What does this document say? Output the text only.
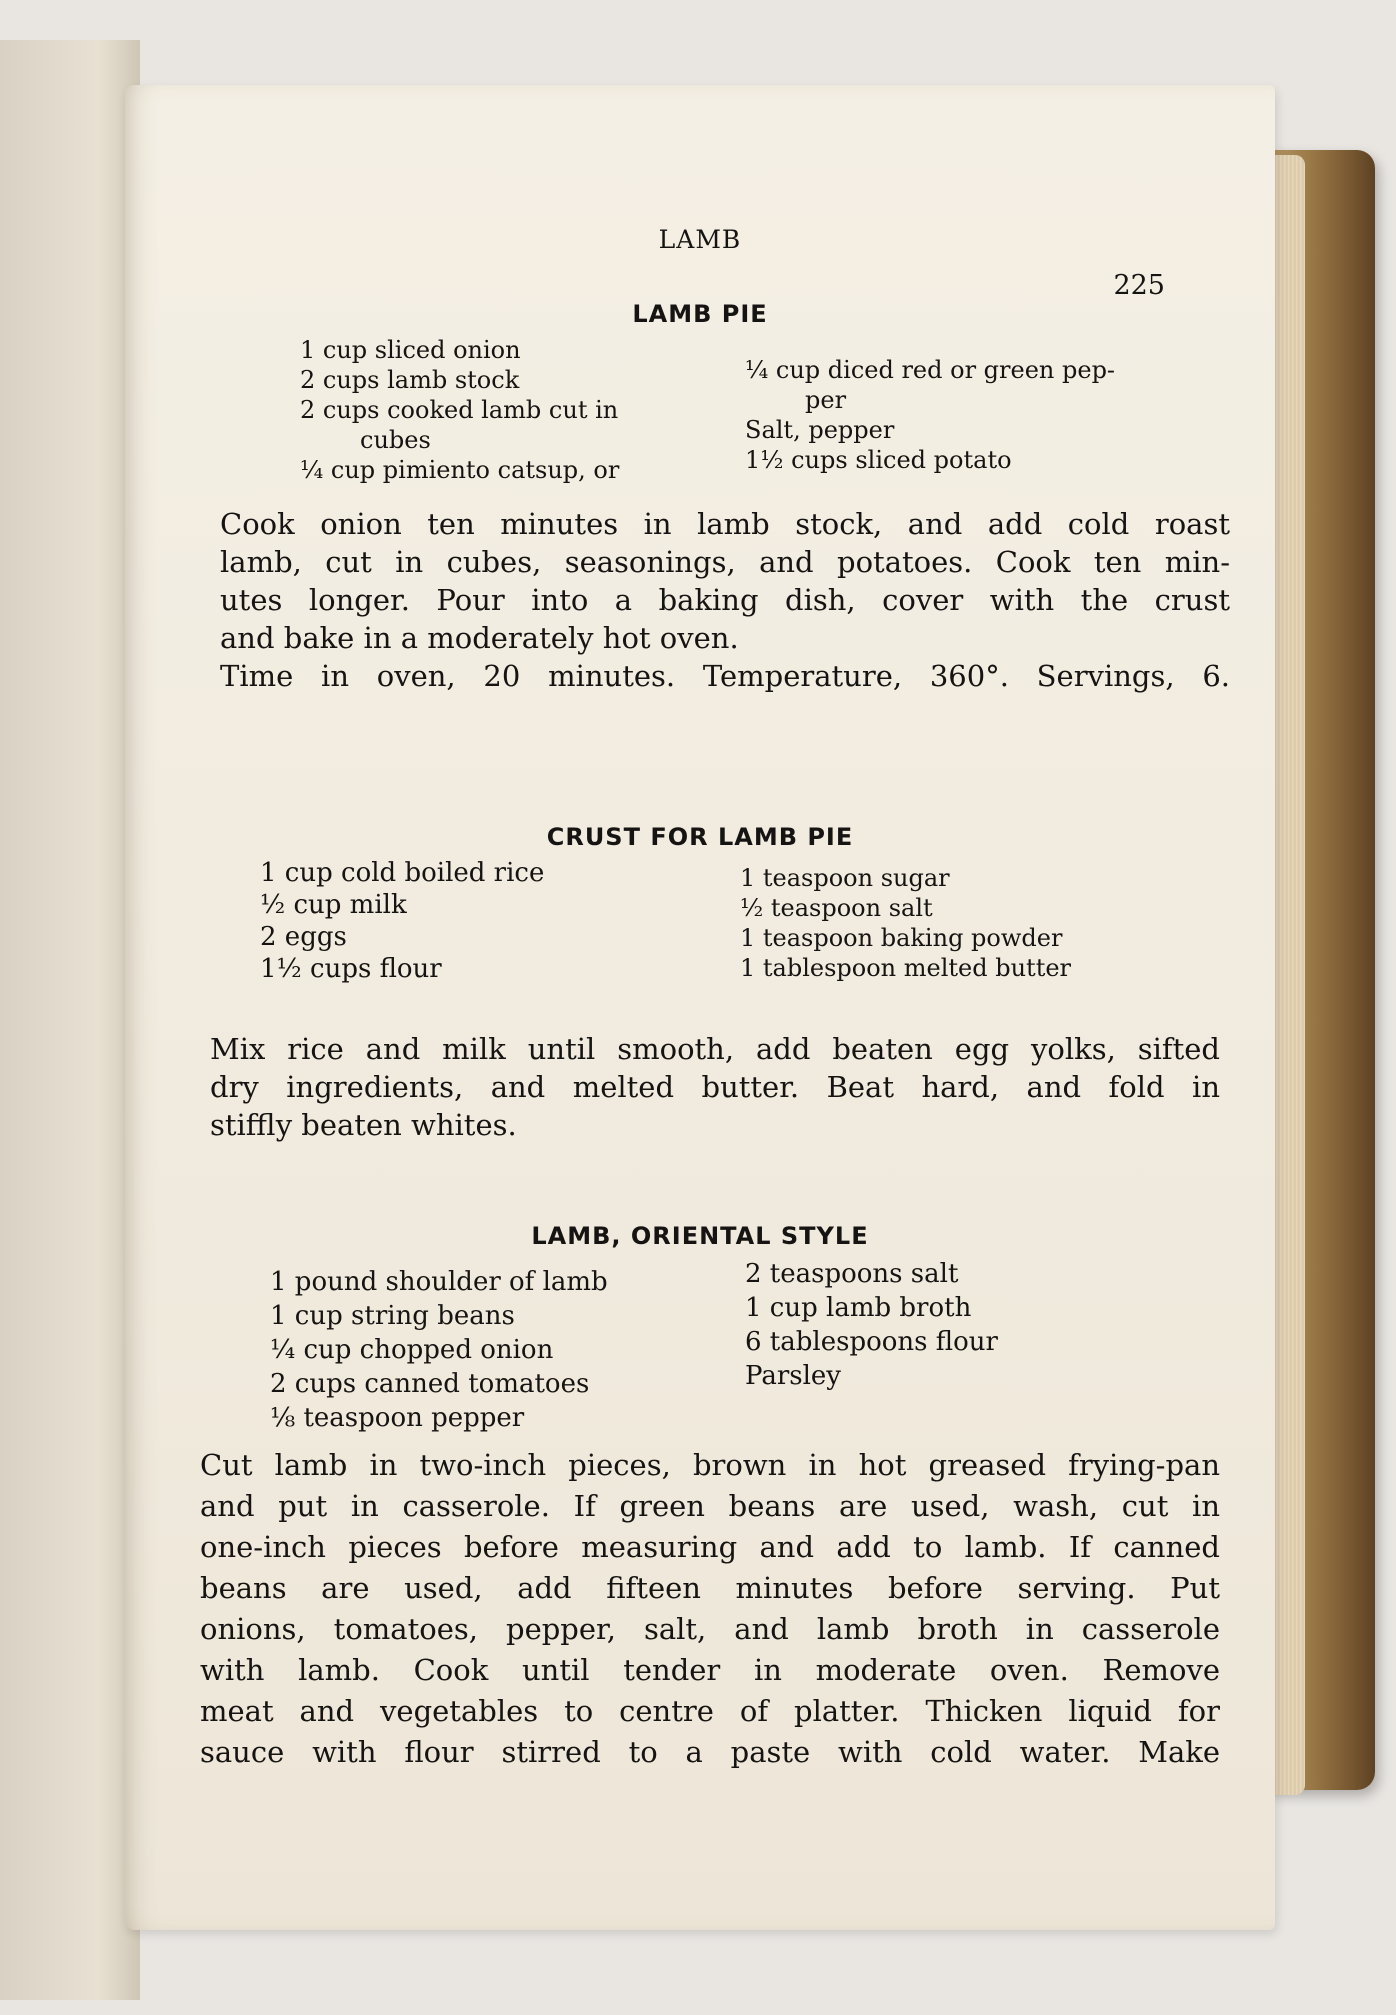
LAMB
225
LAMB PIE
1 cup sliced onion
2 cups lamb stock
2 cups cooked lamb cut in
cubes
¼ cup pimiento catsup, or
¼ cup diced red or green pep-
per
Salt, pepper
1½ cups sliced potato
Cook onion ten minutes in lamb stock, and add cold roast
lamb, cut in cubes, seasonings, and potatoes. Cook ten min-
utes longer. Pour into a baking dish, cover with the crust
and bake in a moderately hot oven.
Time in oven, 20 minutes. Temperature, 360°. Servings, 6.
CRUST FOR LAMB PIE
1 cup cold boiled rice
½ cup milk
2 eggs
1½ cups flour
1 teaspoon sugar
½ teaspoon salt
1 teaspoon baking powder
1 tablespoon melted butter
Mix rice and milk until smooth, add beaten egg yolks, sifted
dry ingredients, and melted butter. Beat hard, and fold in
stiffly beaten whites.
LAMB, ORIENTAL STYLE
1 pound shoulder of lamb
1 cup string beans
¼ cup chopped onion
2 cups canned tomatoes
⅛ teaspoon pepper
2 teaspoons salt
1 cup lamb broth
6 tablespoons flour
Parsley
Cut lamb in two-inch pieces, brown in hot greased frying-pan
and put in casserole. If green beans are used, wash, cut in
one-inch pieces before measuring and add to lamb. If canned
beans are used, add fifteen minutes before serving. Put
onions, tomatoes, pepper, salt, and lamb broth in casserole
with lamb. Cook until tender in moderate oven. Remove
meat and vegetables to centre of platter. Thicken liquid for
sauce with flour stirred to a paste with cold water. Make
